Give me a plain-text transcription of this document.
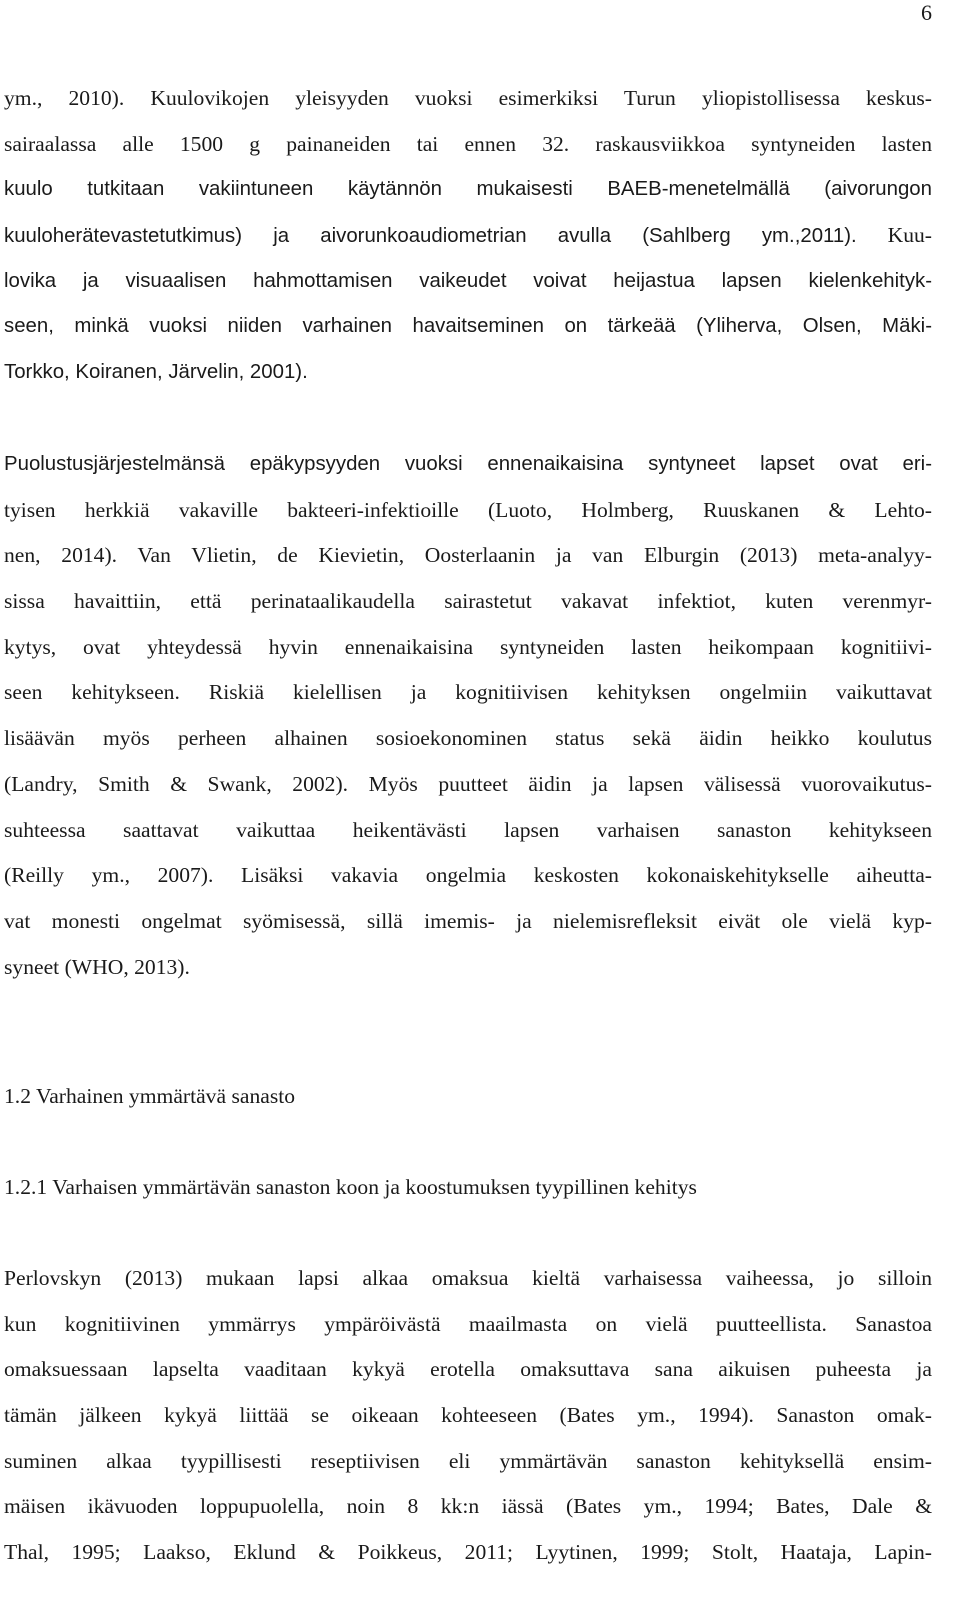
6
ym., 2010). Kuulovikojen yleisyyden vuoksi esimerkiksi Turun yliopistollisessa keskus-
sairaalassa alle 1500 g painaneiden tai ennen 32. raskausviikkoa syntyneiden lasten
kuulo tutkitaan vakiintuneen käytännön mukaisesti BAEB-menetelmällä (aivorungon
kuuloherätevastetutkimus) ja aivorunkoaudiometrian avulla (Sahlberg ym.,2011). Kuu-
lovika ja visuaalisen hahmottamisen vaikeudet voivat heijastua lapsen kielenkehityk-
seen, minkä vuoksi niiden varhainen havaitseminen on tärkeää (Yliherva, Olsen, Mäki-
Torkko, Koiranen, Järvelin, 2001).
Puolustusjärjestelmänsä epäkypsyyden vuoksi ennenaikaisina syntyneet lapset ovat eri-
tyisen herkkiä vakaville bakteeri-infektioille (Luoto, Holmberg, Ruuskanen & Lehto-
nen, 2014). Van Vlietin, de Kievietin, Oosterlaanin ja van Elburgin (2013) meta-analyy-
sissa havaittiin, että perinataalikaudella sairastetut vakavat infektiot, kuten verenmyr-
kytys, ovat yhteydessä hyvin ennenaikaisina syntyneiden lasten heikompaan kognitiivi-
seen kehitykseen. Riskiä kielellisen ja kognitiivisen kehityksen ongelmiin vaikuttavat
lisäävän myös perheen alhainen sosioekonominen status sekä äidin heikko koulutus
(Landry, Smith & Swank, 2002). Myös puutteet äidin ja lapsen välisessä vuorovaikutus-
suhteessa saattavat vaikuttaa heikentävästi lapsen varhaisen sanaston kehitykseen
(Reilly ym., 2007). Lisäksi vakavia ongelmia keskosten kokonaiskehitykselle aiheutta-
vat monesti ongelmat syömisessä, sillä imemis- ja nielemisrefleksit eivät ole vielä kyp-
syneet (WHO, 2013).
1.2 Varhainen ymmärtävä sanasto
1.2.1 Varhaisen ymmärtävän sanaston koon ja koostumuksen tyypillinen kehitys
Perlovskyn (2013) mukaan lapsi alkaa omaksua kieltä varhaisessa vaiheessa, jo silloin
kun kognitiivinen ymmärrys ympäröivästä maailmasta on vielä puutteellista. Sanastoa
omaksuessaan lapselta vaaditaan kykyä erotella omaksuttava sana aikuisen puheesta ja
tämän jälkeen kykyä liittää se oikeaan kohteeseen (Bates ym., 1994). Sanaston omak-
suminen alkaa tyypillisesti reseptiivisen eli ymmärtävän sanaston kehityksellä ensim-
mäisen ikävuoden loppupuolella, noin 8 kk:n iässä (Bates ym., 1994; Bates, Dale &
Thal, 1995; Laakso, Eklund & Poikkeus, 2011; Lyytinen, 1999; Stolt, Haataja, Lapin-
